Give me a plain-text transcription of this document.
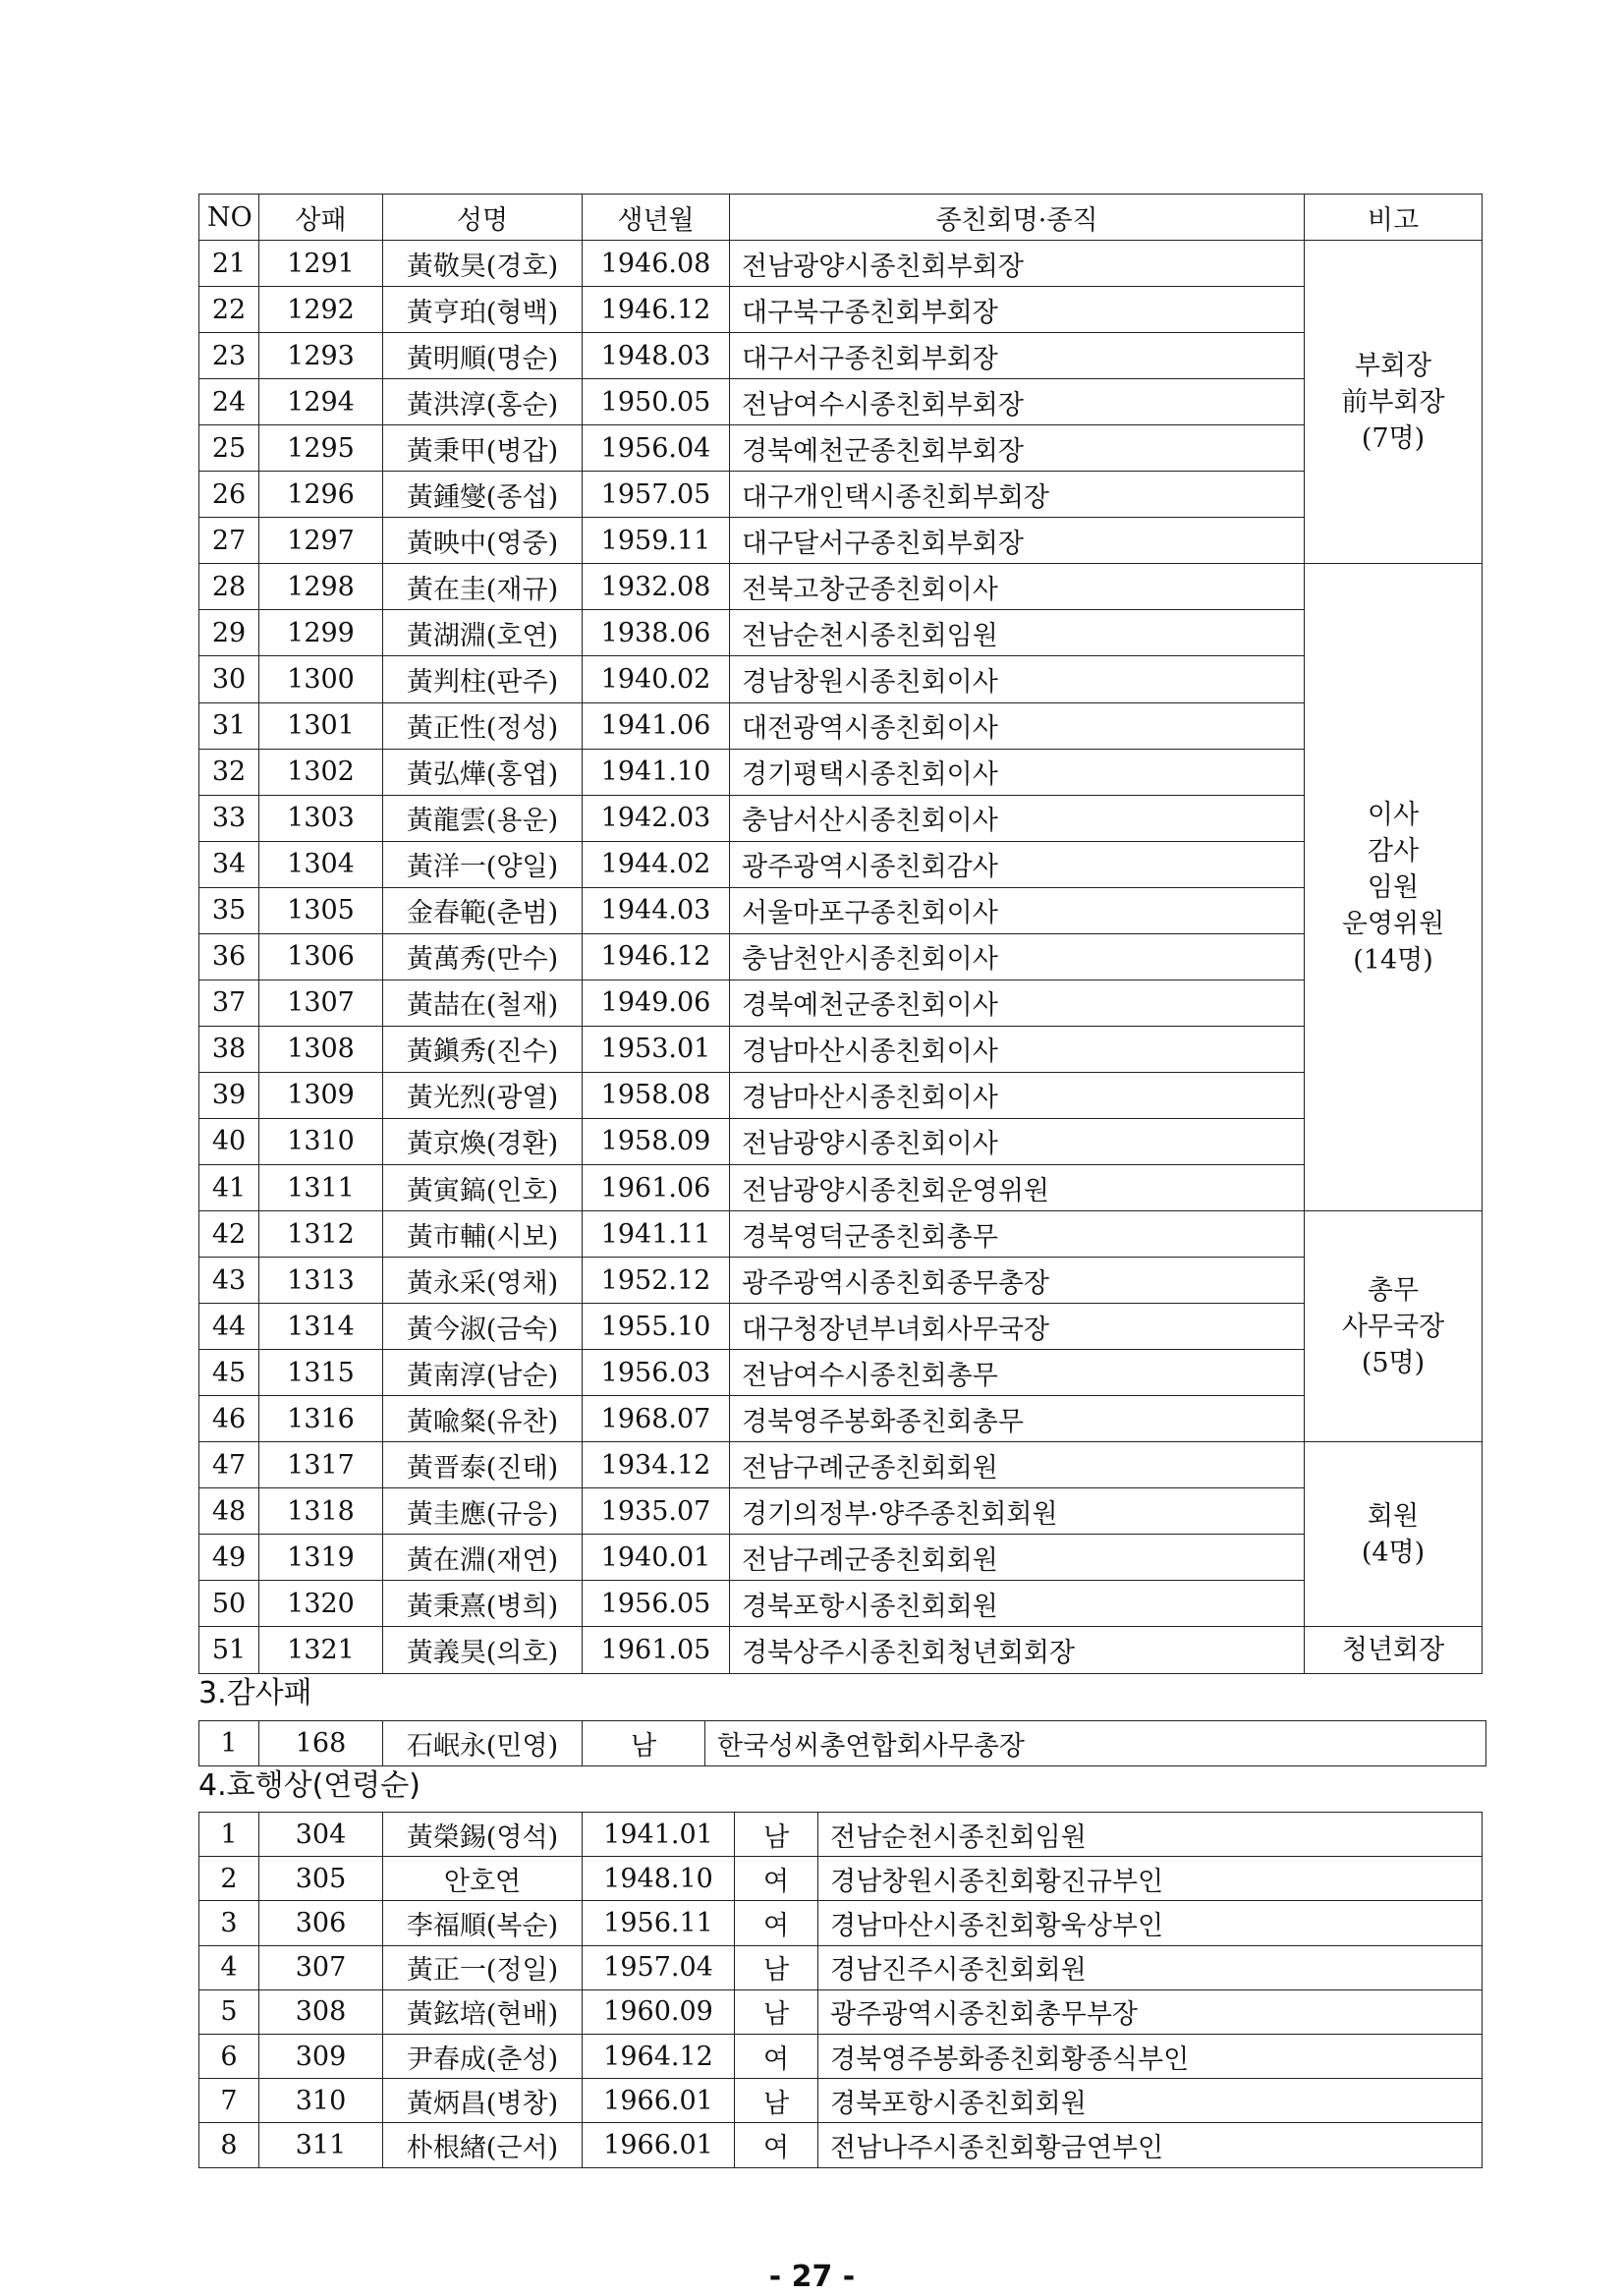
NO	상패	성명	생년월	종친회명·종직	비고
21	1291	黃敬昊(경호)	1946.08	전남광양시종친회부회장	부회장
前부회장
(7명)

22	1292	黃亨珀(형백)	1946.12	대구북구종친회부회장	
23	1293	黃明順(명순)	1948.03	대구서구종친회부회장	
24	1294	黃洪淳(홍순)	1950.05	전남여수시종친회부회장	
25	1295	黃秉甲(병갑)	1956.04	경북예천군종친회부회장	
26	1296	黃鍾燮(종섭)	1957.05	대구개인택시종친회부회장	
27	1297	黃映中(영중)	1959.11	대구달서구종친회부회장	
28	1298	黃在圭(재규)	1932.08	전북고창군종친회이사	이사
감사
임원
운영위원
(14명)

29	1299	黃湖淵(호연)	1938.06	전남순천시종친회임원	
30	1300	黃判柱(판주)	1940.02	경남창원시종친회이사	
31	1301	黃正性(정성)	1941.06	대전광역시종친회이사	
32	1302	黃弘燁(홍엽)	1941.10	경기평택시종친회이사	
33	1303	黃龍雲(용운)	1942.03	충남서산시종친회이사	
34	1304	黃洋一(양일)	1944.02	광주광역시종친회감사	
35	1305	金春範(춘범)	1944.03	서울마포구종친회이사	
36	1306	黃萬秀(만수)	1946.12	충남천안시종친회이사	
37	1307	黃喆在(철재)	1949.06	경북예천군종친회이사	
38	1308	黃鎭秀(진수)	1953.01	경남마산시종친회이사	
39	1309	黃光烈(광열)	1958.08	경남마산시종친회이사	
40	1310	黃京煥(경환)	1958.09	전남광양시종친회이사	
41	1311	黃寅鎬(인호)	1961.06	전남광양시종친회운영위원	
42	1312	黃市輔(시보)	1941.11	경북영덕군종친회총무	총무
사무국장
(5명)

43	1313	黃永采(영채)	1952.12	광주광역시종친회종무총장	
44	1314	黃今淑(금숙)	1955.10	대구청장년부녀회사무국장	
45	1315	黃南淳(남순)	1956.03	전남여수시종친회총무	
46	1316	黃喩粲(유찬)	1968.07	경북영주봉화종친회총무	
47	1317	黃晋泰(진태)	1934.12	전남구례군종친회회원	회원
(4명)

48	1318	黃圭應(규응)	1935.07	경기의정부·양주종친회회원	
49	1319	黃在淵(재연)	1940.01	전남구례군종친회회원	
50	1320	黃秉熹(병희)	1956.05	경북포항시종친회회원	
51	1321	黃義昊(의호)	1961.05	경북상주시종친회청년회회장	청년회장
3.감사패
1	168	石岷永(민영)	남	한국성씨총연합회사무총장
4.효행상(연령순)
1	304	黃榮錫(영석)	1941.01	남	전남순천시종친회임원
2	305	안호연	1948.10	여	경남창원시종친회황진규부인
3	306	李福順(복순)	1956.11	여	경남마산시종친회황욱상부인
4	307	黃正一(정일)	1957.04	남	경남진주시종친회회원
5	308	黃鉉培(현배)	1960.09	남	광주광역시종친회총무부장
6	309	尹春成(춘성)	1964.12	여	경북영주봉화종친회황종식부인
7	310	黃炳昌(병창)	1966.01	남	경북포항시종친회회원
8	311	朴根緖(근서)	1966.01	여	전남나주시종친회황금연부인
- 27 -
